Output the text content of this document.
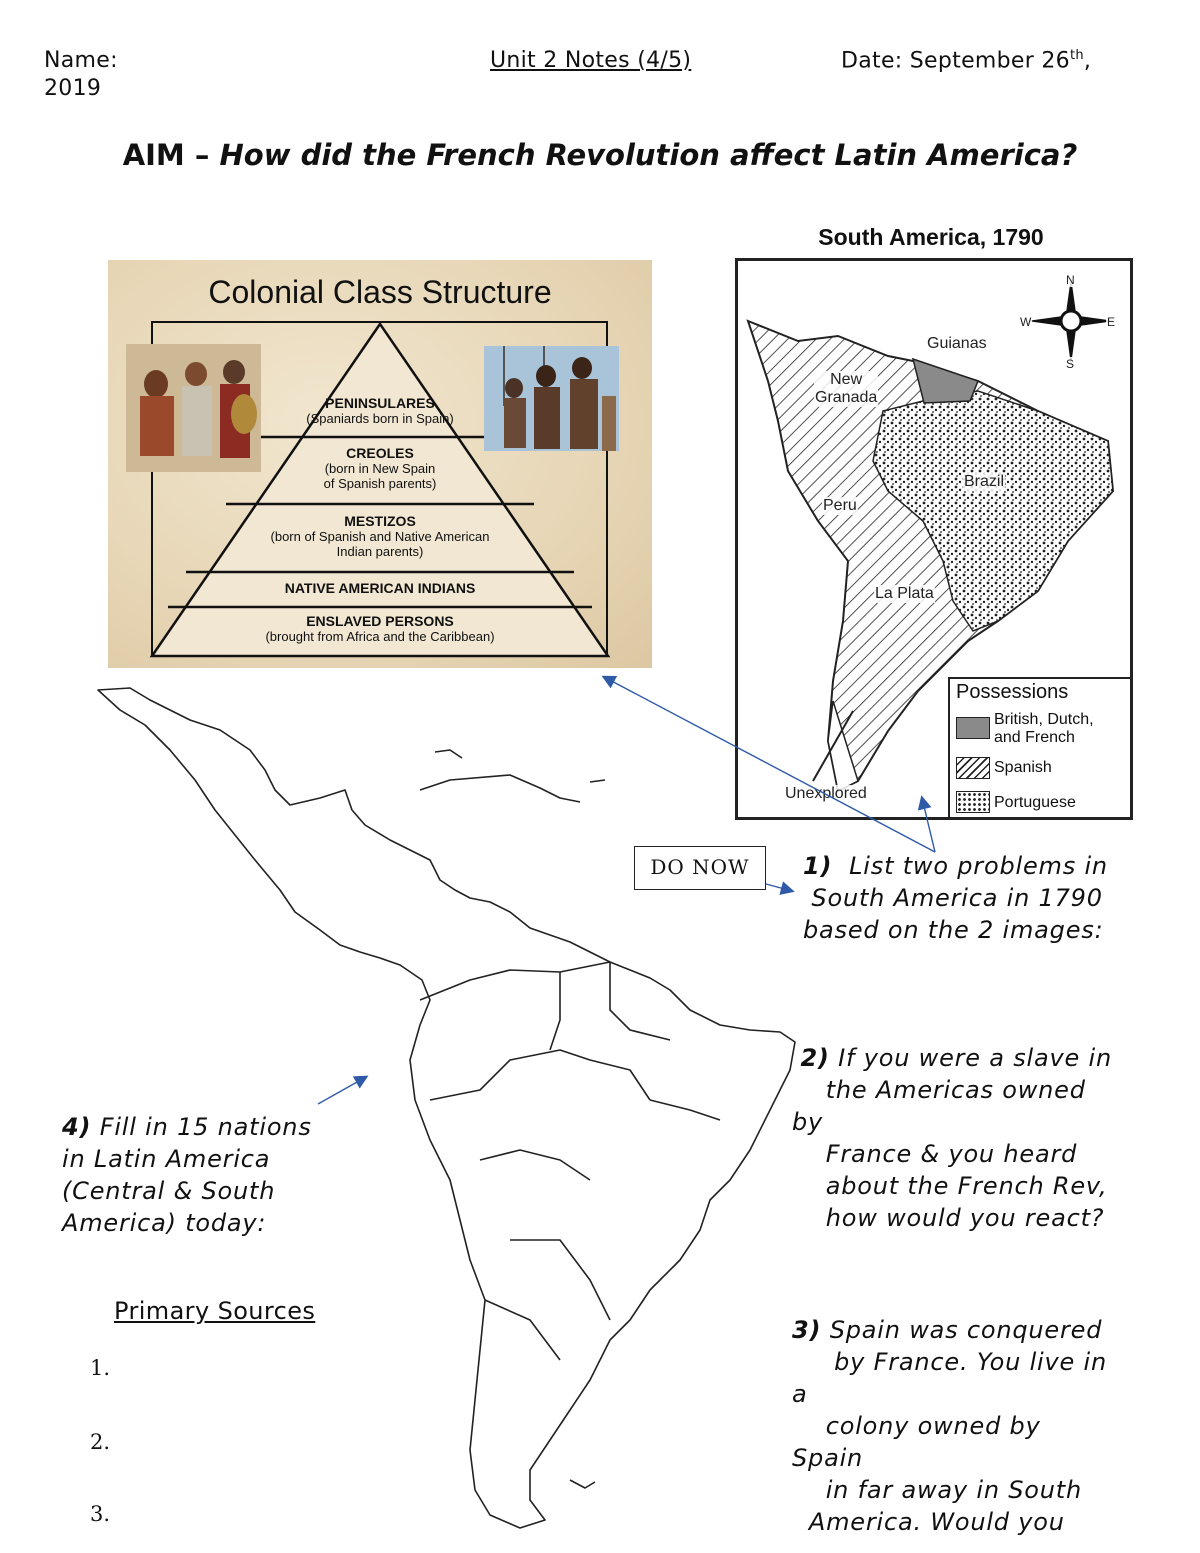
Name:
2019
Unit 2 Notes (4/5)	Date: September 26th,
AIM – How did the French Revolution affect Latin America?
Colonial Class Structure
PENINSULARES
(Spaniards born in Spain)
CREOLES
(born in New Spain
of Spanish parents)
MESTIZOS
(born of Spanish and Native American
Indian parents)
NATIVE AMERICAN INDIANS
ENSLAVED PERSONS
(brought from Africa and the Caribbean)
South America, 1790
N
S
E
W
Guianas
New
Granada
Brazil
Peru
La Plata
Unexplored
Possessions
British, Dutch,
and French
Spanish
Portuguese
DO NOW	1) List two problems in
South America in 1790
based on the 2 images:
2) If you were a slave in
the Americas owned
by
France & you heard
about the French Rev,
how would you react?
3) Spain was conquered
by France. You live in
a
colony owned by
Spain
in far away in South
America. Would you
4) Fill in 15 nations
in Latin America
(Central & South
America) today:
Primary Sources
1.
2.
3.
